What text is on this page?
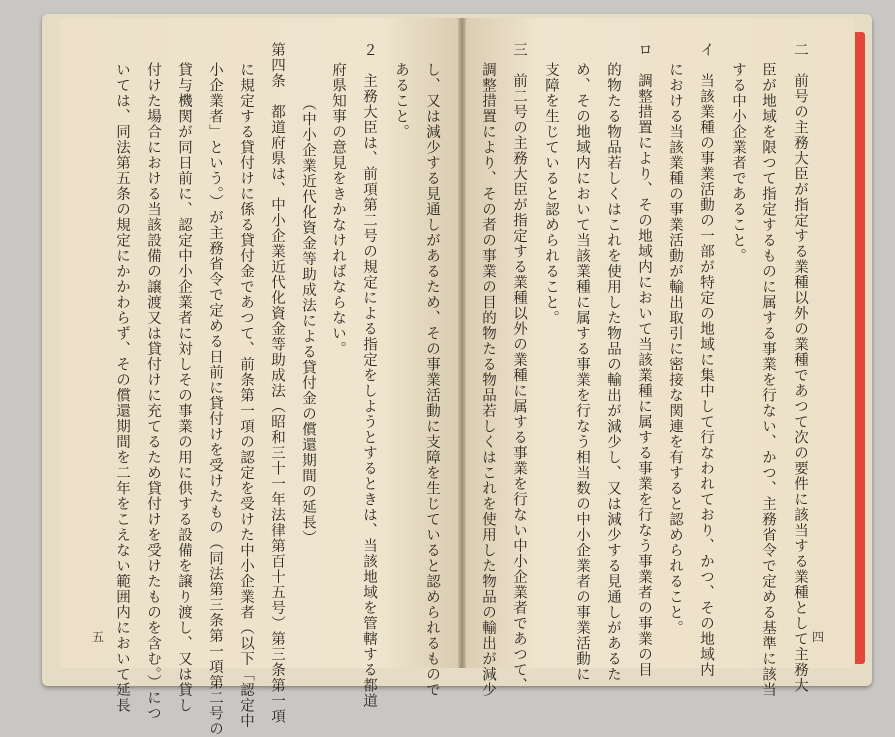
二　前号の主務大臣が指定する業種以外の業種であつて次の要件に該当する業種として主務大
臣が地域を限つて指定するものに属する事業を行ない、かつ、主務省令で定める基準に該当
する中小企業者であること。
イ　当該業種の事業活動の一部が特定の地域に集中して行なわれており、かつ、その地域内
における当該業種の事業活動が輸出取引に密接な関連を有すると認められること。
ロ　調整措置により、その地域内において当該業種に属する事業を行なう事業者の事業の目
的物たる物品若しくはこれを使用した物品の輸出が減少し、又は減少する見通しがあるた
め、その地域内において当該業種に属する事業を行なう相当数の中小企業者の事業活動に
支障を生じていると認められること。
三　前二号の主務大臣が指定する業種以外の業種に属する事業を行ない中小企業者であつて、
調整措置により、その者の事業の目的物たる物品若しくはこれを使用した物品の輸出が減少	四
し、又は減少する見通しがあるため、その事業活動に支障を生じていると認められるもので
あること。
２　主務大臣は、前項第二号の規定による指定をしようとするときは、当該地域を管轄する都道
府県知事の意見をきかなければならない。
（中小企業近代化資金等助成法による貸付金の償還期間の延長）
第四条　都道府県は、中小企業近代化資金等助成法（昭和三十一年法律第百十五号）第三条第一項
に規定する貸付けに係る貸付金であつて、前条第一項の認定を受けた中小企業者（以下「認定中
小企業者」という。）が主務省令で定める日前に貸付けを受けたもの（同法第三条第一項第二号の
貸与機関が同日前に、認定中小企業者に対しその事業の用に供する設備を譲り渡し、又は貸し
付けた場合における当該設備の譲渡又は貸付けに充てるため貸付けを受けたものを含む。）につ
いては、同法第五条の規定にかかわらず、その償還期間を二年をこえない範囲内において延長
五
